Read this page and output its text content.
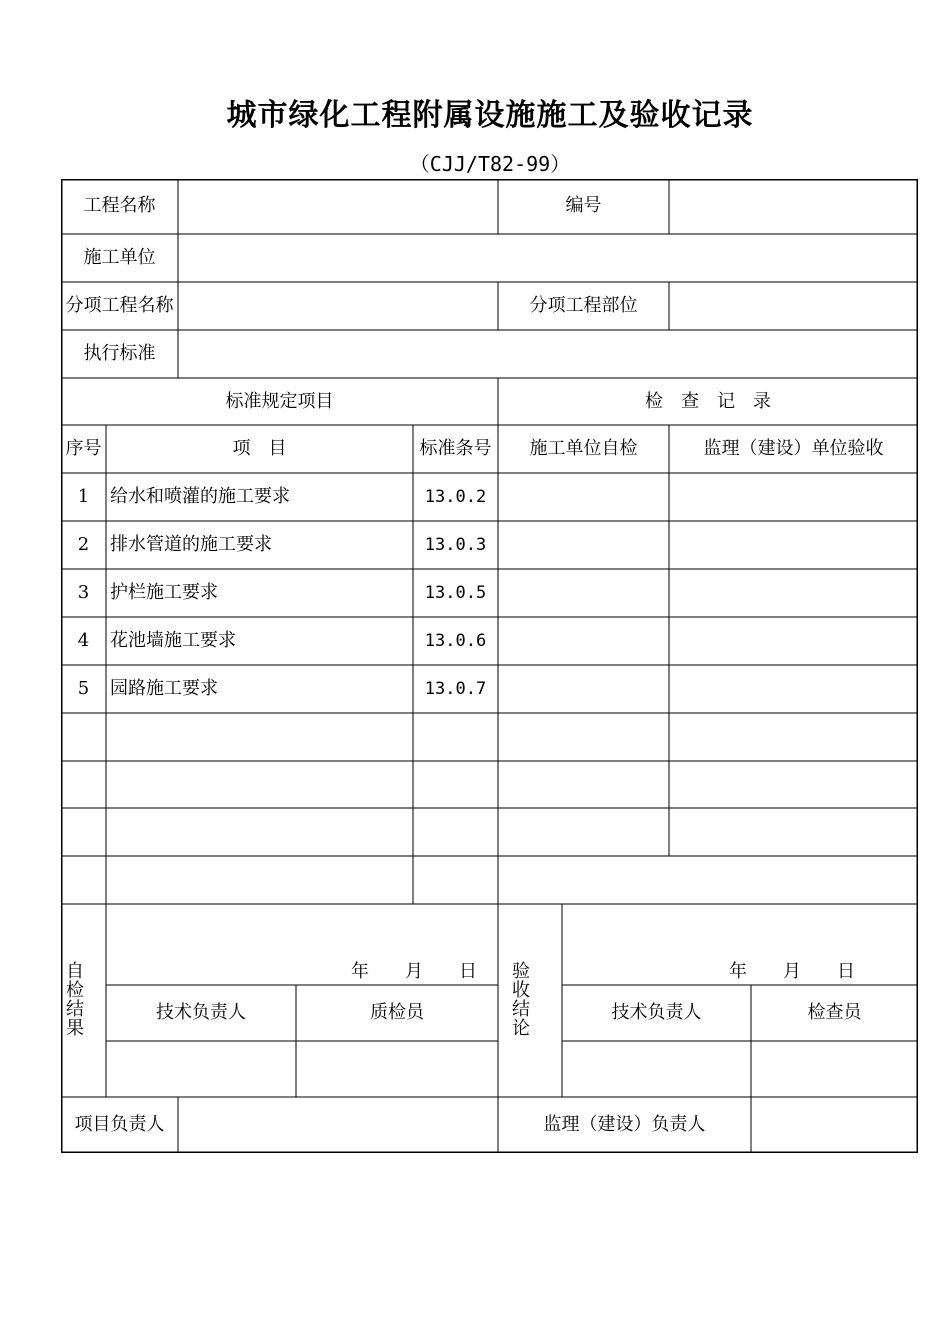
城市绿化工程附属设施施工及验收记录
（CJJ/T82-99）
工程名称	编号
施工单位
分项工程名称	分项工程部位
执行标准
标准规定项目	检　查　记　录
序号	项　目	标准条号	施工单位自检	监理（建设）单位验收
1	给水和喷灌的施工要求	13.0.2
2	排水管道的施工要求	13.0.3
3	护栏施工要求	13.0.5
4	花池墙施工要求	13.0.6
5	园路施工要求	13.0.7
自检结果
年　　月　　日
技术负责人	质检员
验收结论
年　　月　　日
技术负责人	检查员
项目负责人	监理（建设）负责人
